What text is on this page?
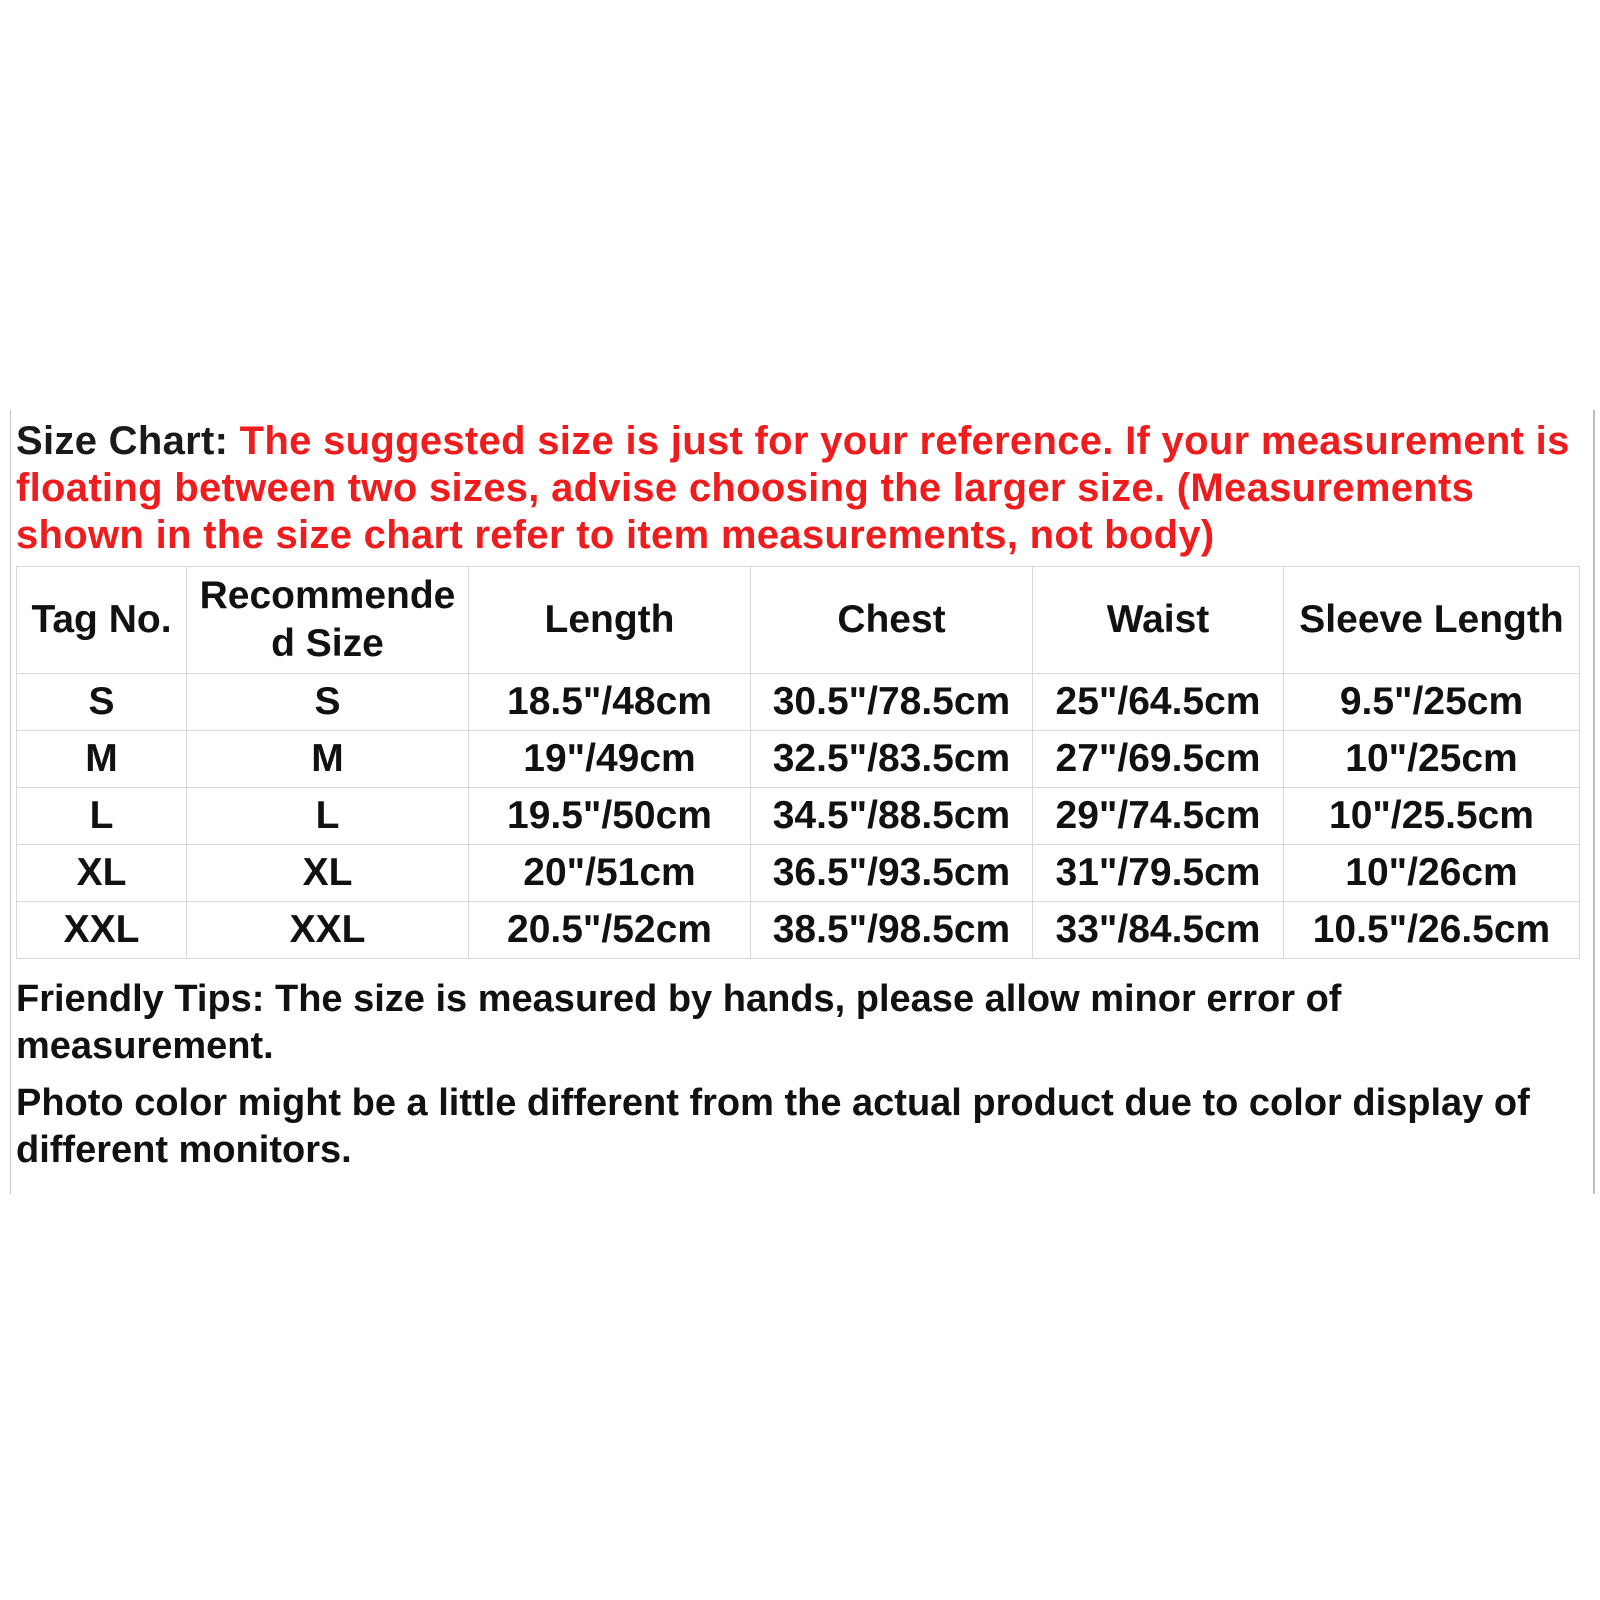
Size Chart: The suggested size is just for your reference. If your measurement is floating between two sizes, advise choosing the larger size. (Measurements shown in the size chart refer to item measurements, not body)
Tag No.	Recommended Size	Length	Chest	Waist	Sleeve Length
S	S	18.5"/48cm	30.5"/78.5cm	25"/64.5cm	9.5"/25cm
M	M	19"/49cm	32.5"/83.5cm	27"/69.5cm	10"/25cm
L	L	19.5"/50cm	34.5"/88.5cm	29"/74.5cm	10"/25.5cm
XL	XL	20"/51cm	36.5"/93.5cm	31"/79.5cm	10"/26cm
XXL	XXL	20.5"/52cm	38.5"/98.5cm	33"/84.5cm	10.5"/26.5cm

Friendly Tips: The size is measured by hands, please allow minor error of measurement.

Photo color might be a little different from the actual product due to color display of different monitors.
